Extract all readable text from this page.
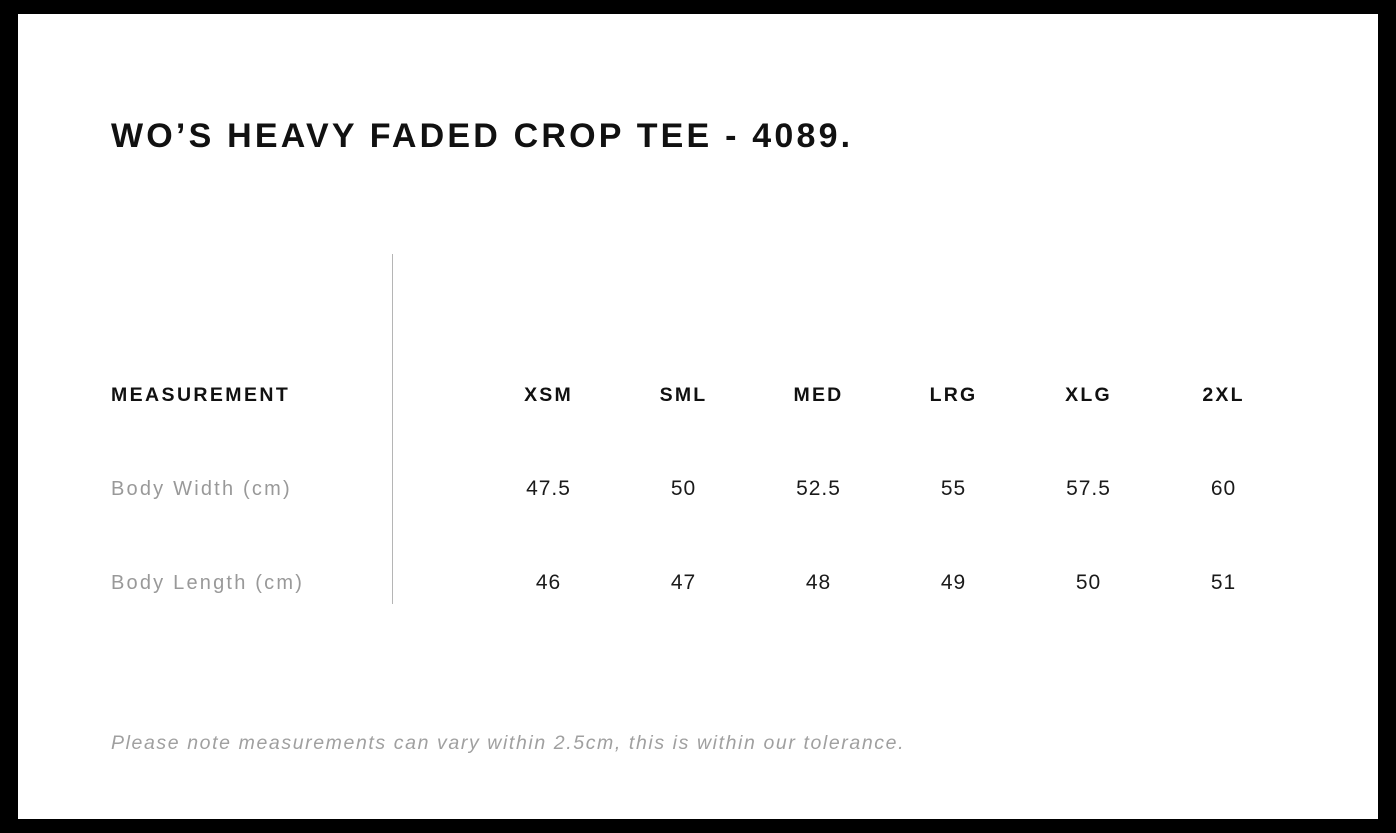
WO’S HEAVY FADED CROP TEE - 4089.

MEASUREMENT	XSM	SML	MED	LRG	XLG	2XL
Body Width (cm)	47.5	50	52.5	55	57.5	60
Body Length (cm)	46	47	48	49	50	51
Please note measurements can vary within 2.5cm, this is within our tolerance.
